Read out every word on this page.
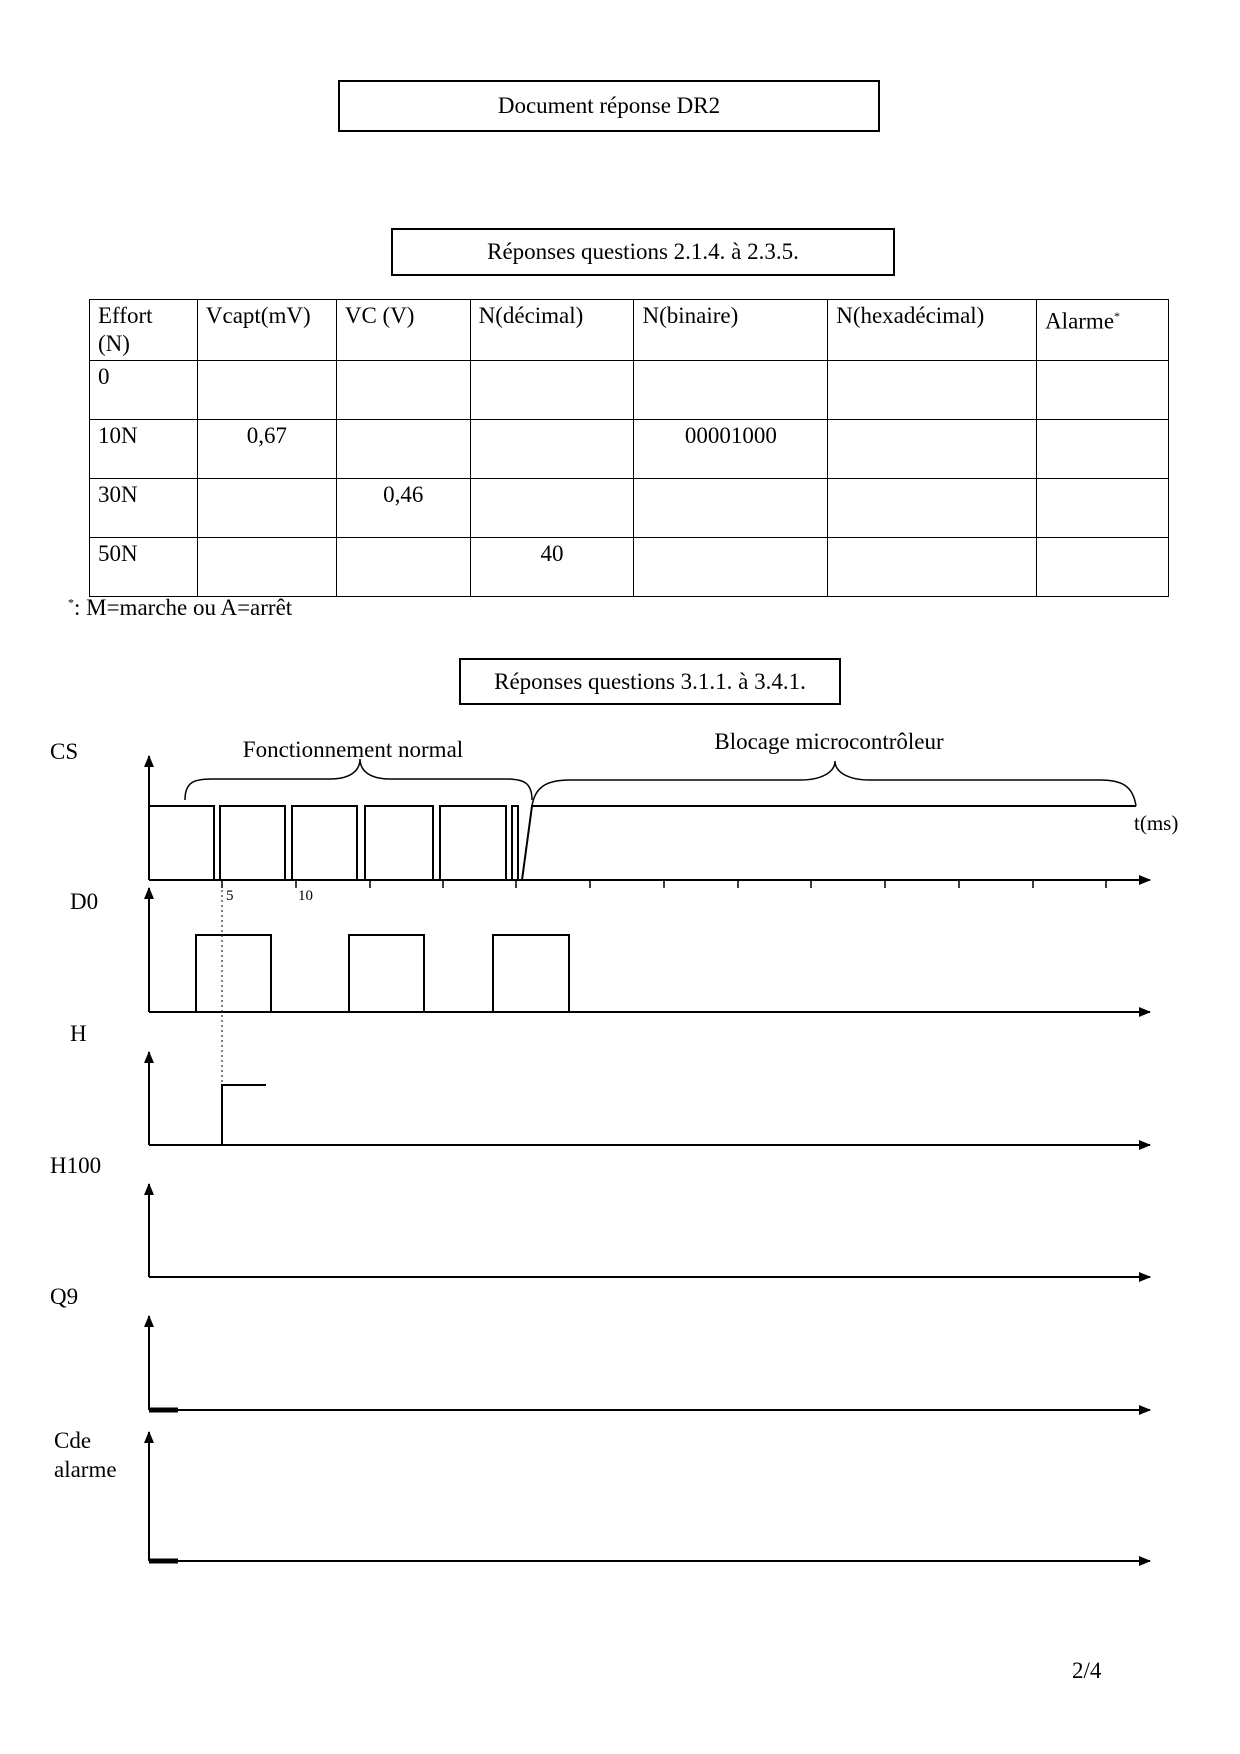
Document réponse DR2
Réponses questions 2.1.4. à 2.3.5.
Effort (N)	Vcapt(mV)	VC (V)	N(décimal)	N(binaire)	N(hexadécimal)	Alarme*
0						
10N	0,67			00001000		
30N		0,46				
50N			40			
*: M=marche ou A=arrêt
Réponses questions 3.1.1. à 3.4.1.
CS
D0
H
H100
Q9
Cde
alarme
Fonctionnement normal	Blocage microcontrôleur
t(ms)
5	10
2/4
